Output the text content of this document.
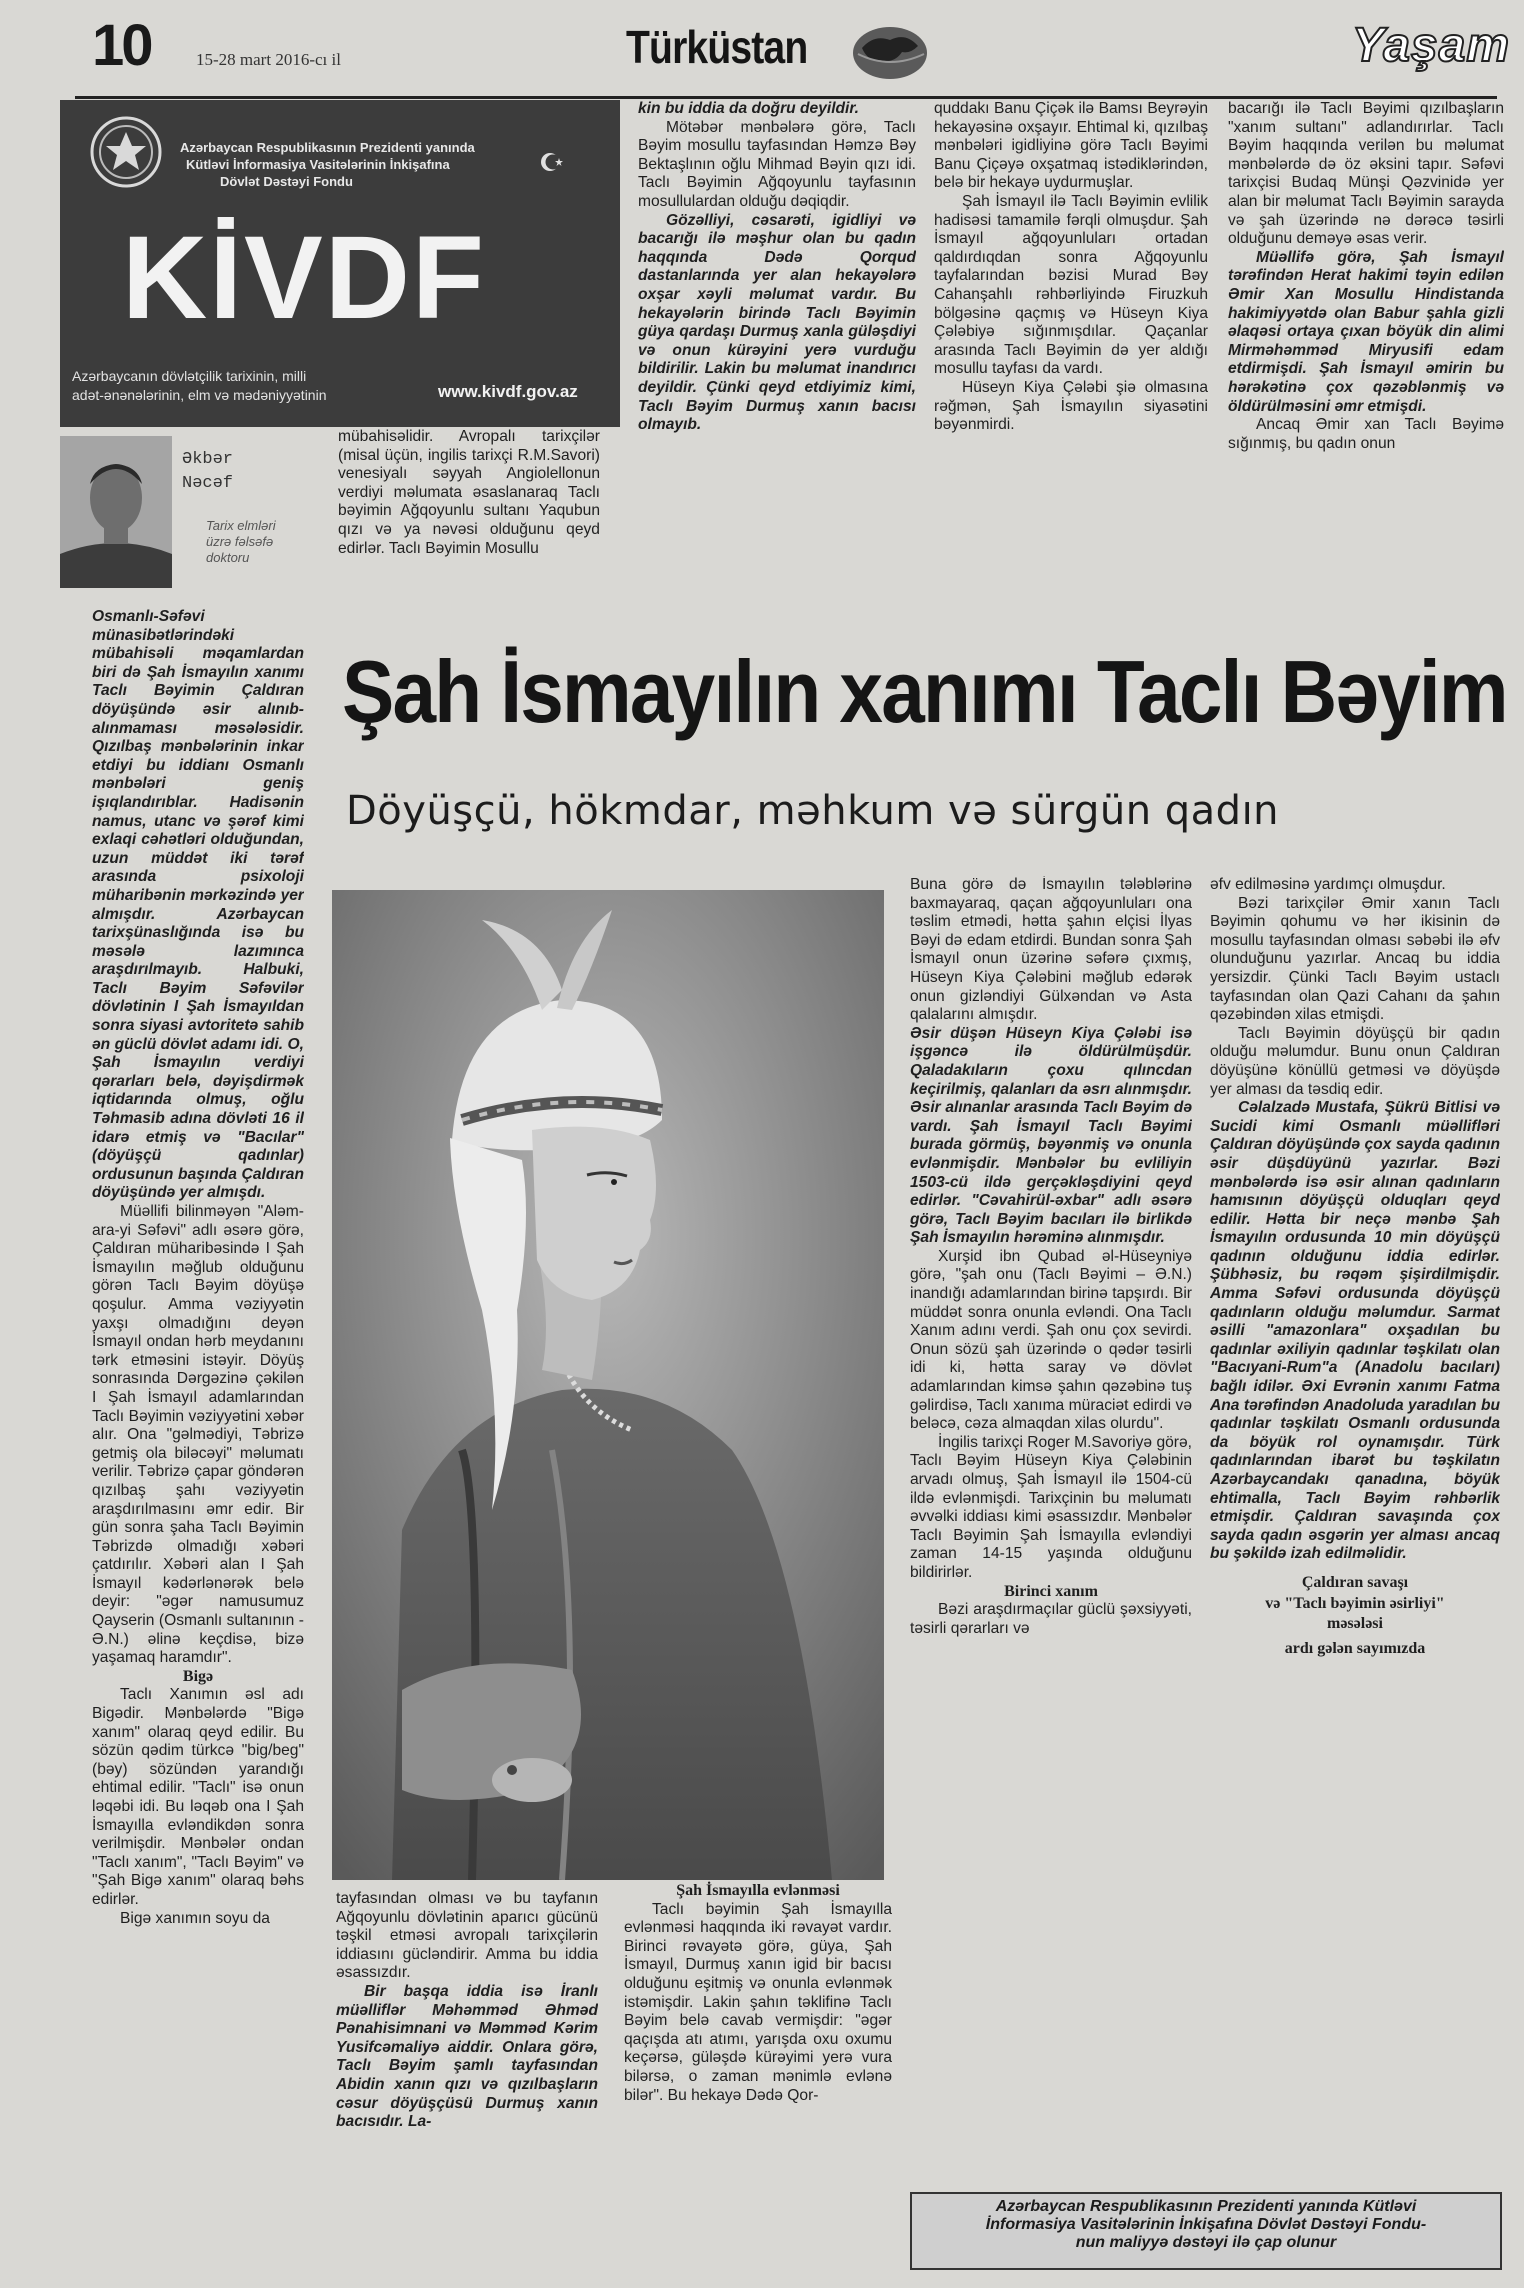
10	15-28 mart 2016-cı il	Türküstan	Yaşam
Azərbaycan Respublikasının Prezidenti yanında
Kütləvi İnformasiya Vasitələrinin İnkişafına
Dövlət Dəstəyi Fondu
KİVDF
Azərbaycanın dövlətçilik tarixinin, milli
adət-ənənələrinin, elm və mədəniyyətinin	www.kivdf.gov.az
Əkbər
Nəcəf
Tarix elmləri
üzrə fəlsəfə
doktoru

Osmanlı-Səfəvi münasibətlərindəki mübahisəli məqamlardan biri də Şah İsmayılın xanımı Taclı Bəyimin Çaldıran döyüşündə əsir alınıb-alınmaması məsələsidir. Qızılbaş mənbələrinin inkar etdiyi bu iddianı Osmanlı mənbələri geniş işıqlandırıblar. Hadisənin namus, utanc və şərəf kimi exlaqi cəhətləri olduğundan, uzun müddət iki tərəf arasında psixoloji müharibənin mərkəzində yer almışdır. Azərbaycan tarixşünaslığında isə bu məsələ lazımınca araşdırılmayıb. Halbuki, Taclı Bəyim Səfəvilər dövlətinin I Şah İsmayıldan sonra siyasi avtoritetə sahib ən güclü dövlət adamı idi. O, Şah İsmayılın verdiyi qərarları belə, dəyişdirmək iqtidarında olmuş, oğlu Təhmasib adına dövləti 16 il idarə etmiş və "Bacılar" (döyüşçü qadınlar) ordusunun başında Çaldıran döyüşündə yer almışdı.

Müəllifi bilinməyən "Aləm-ara-yi Səfəvi" adlı əsərə görə, Çaldıran müharibəsində I Şah İsmayılın məğlub olduğunu görən Taclı Bəyim döyüşə qoşulur. Amma vəziyyətin yaxşı olmadığını deyən İsmayıl ondan hərb meydanını tərk etməsini istəyir. Döyüş sonrasında Dərgəzinə çəkilən I Şah İsmayıl adamlarından Taclı Bəyimin vəziyyətini xəbər alır. Ona "gəlmədiyi, Təbrizə getmiş ola biləcəyi" məlumatı verilir. Təbrizə çapar göndərən qızılbaş şahı vəziyyətin araşdırılmasını əmr edir. Bir gün sonra şaha Taclı Bəyimin Təbrizdə olmadığı xəbəri çatdırılır. Xəbəri alan I Şah İsmayıl kədərlənərək belə deyir: "əgər namusumuz Qayserin (Osmanlı sultanının - Ə.N.) əlinə keçdisə, bizə yaşamaq haramdır".

Bigə

Taclı Xanımın əsl adı Bigədir. Mənbələrdə "Bigə xanım" olaraq qeyd edilir. Bu sözün qədim türkcə "big/beg" (bəy) sözündən yarandığı ehtimal edilir. "Taclı" isə onun ləqəbi idi. Bu ləqəb ona I Şah İsmayılla evləndikdən sonra verilmişdir. Mənbələr ondan "Taclı xanım", "Taclı Bəyim" və "Şah Bigə xanım" olaraq bəhs edirlər.

Bigə xanımın soyu da

mübahisəlidir. Avropalı tarixçilər (misal üçün, ingilis tarixçi R.M.Savori) venesiyalı səyyah Angiolellonun verdiyi məlumata əsaslanaraq Taclı bəyimin Ağqoyunlu sultanı Yaqubun qızı və ya nəvəsi olduğunu qeyd edirlər. Taclı Bəyimin Mosullu

kin bu iddia da doğru deyildir.

Mötəbər mənbələrə görə, Taclı Bəyim mosullu tayfasından Həmzə Bəy Bektaşlının oğlu Mihmad Bəyin qızı idi. Taclı Bəyimin Ağqoyunlu tayfasının mosullulardan olduğu dəqiqdir.

Gözəlliyi, cəsarəti, igidliyi və bacarığı ilə məşhur olan bu qadın haqqında Dədə Qorqud dastanlarında yer alan hekayələrə oxşar xəyli məlumat vardır. Bu hekayələrin birində Taclı Bəyimin güya qardaşı Durmuş xanla güləşdiyi və onun kürəyini yerə vurduğu bildirilir. Lakin bu məlumat inandırıcı deyildir. Çünki qeyd etdiyimiz kimi, Taclı Bəyim Durmuş xanın bacısı olmayıb.

quddakı Banu Çiçək ilə Bamsı Beyrəyin hekayəsinə oxşayır. Ehtimal ki, qızılbaş mənbələri igidliyinə görə Taclı Bəyimi Banu Çiçəyə oxşatmaq istədiklərindən, belə bir hekayə uydurmuşlar.

Şah İsmayıl ilə Taclı Bəyimin evlilik hadisəsi tamamilə fərqli olmuşdur. Şah İsmayıl ağqoyunluları ortadan qaldırdıqdan sonra Ağqoyunlu tayfalarından bəzisi Murad Bəy Cahanşahlı rəhbərliyində Firuzkuh bölgəsinə qaçmış və Hüseyn Kiya Çələbiyə sığınmışdılar. Qaçanlar arasında Taclı Bəyimin də yer aldığı mosullu tayfası da vardı.

Hüseyn Kiya Çələbi şiə olmasına rəğmən, Şah İsmayılın siyasətini bəyənmirdi.

bacarığı ilə Taclı Bəyimi qızılbaşların "xanım sultanı" adlandırırlar. Taclı Bəyim haqqında verilən bu məlumat mənbələrdə də öz əksini tapır. Səfəvi tarixçisi Budaq Münşi Qəzvinidə yer alan bir məlumat Taclı Bəyimin sarayda və şah üzərində nə dərəcə təsirli olduğunu deməyə əsas verir.

Müəllifə görə, Şah İsmayıl tərəfindən Herat hakimi təyin edilən Əmir Xan Mosullu Hindistanda hakimiyyətdə olan Babur şahla gizli əlaqəsi ortaya çıxan böyük din alimi Mirməhəmməd Miryusifi edam etdirmişdi. Şah İsmayıl əmirin bu hərəkətinə çox qəzəblənmiş və öldürülməsini əmr etmişdi.

Ancaq Əmir xan Taclı Bəyimə sığınmış, bu qadın onun

Şah İsmayılın xanımı Taclı Bəyim
Döyüşçü, hökmdar, məhkum və sürgün qadın

tayfasından olması və bu tayfanın Ağqoyunlu dövlətinin aparıcı gücünü təşkil etməsi avropalı tarixçilərin iddiasını gücləndirir. Amma bu iddia əsassızdır.

Bir başqa iddia isə İranlı müəlliflər Məhəmməd Əhməd Pənahisimnani və Məmməd Kərim Yusifcəmaliyə aiddir. Onlara görə, Taclı Bəyim şamlı tayfasından Abidin xanın qızı və qızılbaşların cəsur döyüşçüsü Durmuş xanın bacısıdır. La-

Şah İsmayılla evlənməsi

Taclı bəyimin Şah İsmayılla evlənməsi haqqında iki rəvayət vardır. Birinci rəvayətə görə, güya, Şah İsmayıl, Durmuş xanın igid bir bacısı olduğunu eşitmiş və onunla evlənmək istəmişdir. Lakin şahın təklifinə Taclı Bəyim belə cavab vermişdir: "əgər qaçışda atı atımı, yarışda oxu oxumu keçərsə, güləşdə kürəyimi yerə vura bilərsə, o zaman mənimlə evlənə bilər". Bu hekayə Dədə Qor-

Buna görə də İsmayılın tələblərinə baxmayaraq, qaçan ağqoyunluları ona təslim etmədi, hətta şahın elçisi İlyas Bəyi də edam etdirdi. Bundan sonra Şah İsmayıl onun üzərinə səfərə çıxmış, Hüseyn Kiya Çələbini məğlub edərək onun gizləndiyi Gülxəndan və Asta qalalarını almışdır.

Əsir düşən Hüseyn Kiya Çələbi isə işgəncə ilə öldürülmüşdür. Qaladakıların çoxu qılıncdan keçirilmiş, qalanları da əsrı alınmışdır. Əsir alınanlar arasında Taclı Bəyim də vardı. Şah İsmayıl Taclı Bəyimi burada görmüş, bəyənmiş və onunla evlənmişdir. Mənbələr bu evliliyin 1503-cü ildə gerçəkləşdiyini qeyd edirlər. "Cəvahirül-əxbar" adlı əsərə görə, Taclı Bəyim bacıları ilə birlikdə Şah İsmayılın hərəminə alınmışdır.

Xurşid ibn Qubad əl-Hüseyniyə görə, "şah onu (Taclı Bəyimi – Ə.N.) inandığı adamlarından birinə tapşırdı. Bir müddət sonra onunla evləndi. Ona Taclı Xanım adını verdi. Şah onu çox sevirdi. Onun sözü şah üzərində o qədər təsirli idi ki, hətta saray və dövlət adamlarından kimsə şahın qəzəbinə tuş gəlirdisə, Taclı xanıma müraciət edirdi və beləcə, cəza almaqdan xilas olurdu".

İngilis tarixçi Roger M.Savoriyə görə, Taclı Bəyim Hüseyn Kiya Çələbinin arvadı olmuş, Şah İsmayıl ilə 1504-cü ildə evlənmişdi. Tarixçinin bu məlumatı əvvəlki iddiası kimi əsassızdır. Mənbələr Taclı Bəyimin Şah İsmayılla evləndiyi zaman 14-15 yaşında olduğunu bildirirlər.

Birinci xanım

Bəzi araşdırmaçılar güclü şəxsiyyəti, təsirli qərarları və

əfv edilməsinə yardımçı olmuşdur.

Bəzi tarixçilər Əmir xanın Taclı Bəyimin qohumu və hər ikisinin də mosullu tayfasından olması səbəbi ilə əfv olunduğunu yazırlar. Ancaq bu iddia yersizdir. Çünki Taclı Bəyim ustaclı tayfasından olan Qazi Cahanı da şahın qəzəbindən xilas etmişdi.

Taclı Bəyimin döyüşçü bir qadın olduğu məlumdur. Bunu onun Çaldıran döyüşünə könüllü getməsi və döyüşdə yer alması da təsdiq edir.

Cəlalzadə Mustafa, Şükrü Bitlisi və Sucidi kimi Osmanlı müəllifləri Çaldıran döyüşündə çox sayda qadının əsir düşdüyünü yazırlar. Bəzi mənbələrdə isə əsir alınan qadınların hamısının döyüşçü olduqları qeyd edilir. Hətta bir neçə mənbə Şah İsmayılın ordusunda 10 min döyüşçü qadının olduğunu iddia edirlər. Şübhəsiz, bu rəqəm şişirdilmişdir. Amma Səfəvi ordusunda döyüşçü qadınların olduğu məlumdur. Sarmat əsilli "amazonlara" oxşadılan bu qadınlar əxiliyin qadınlar təşkilatı olan "Bacıyani-Rum"a (Anadolu bacıları) bağlı idilər. Əxi Evrənin xanımı Fatma Ana tərəfindən Anadoluda yaradılan bu qadınlar təşkilatı Osmanlı ordusunda da böyük rol oynamışdır. Türk qadınlarından ibarət bu təşkilatın Azərbaycandakı qanadına, böyük ehtimalla, Taclı Bəyim rəhbərlik etmişdir. Çaldıran savaşında çox sayda qadın əsgərin yer alması ancaq bu şəkildə izah edilməlidir.

Çaldıran savaşı

və "Taclı bəyimin əsirliyi"

məsələsi

ardı gələn sayımızda

Azərbaycan Respublikasının Prezidenti yanında Kütləvi
İnformasiya Vasitələrinin İnkişafına Dövlət Dəstəyi Fondu-
nun maliyyə dəstəyi ilə çap olunur
